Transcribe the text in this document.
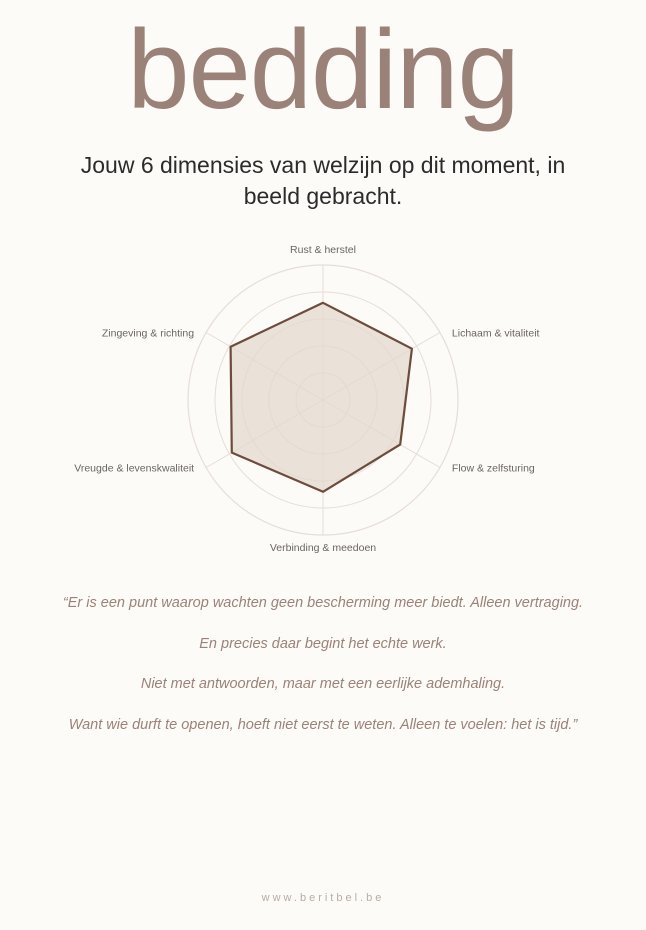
bedding
Jouw 6 dimensies van welzijn op dit moment, in beeld gebracht.
Rust & herstel
Lichaam & vitaliteit
Flow & zelfsturing
Verbinding & meedoen
Vreugde & levenskwaliteit
Zingeving & richting

“Er is een punt waarop wachten geen bescherming meer biedt. Alleen vertraging.

En precies daar begint het echte werk.

Niet met antwoorden, maar met een eerlijke ademhaling.

Want wie durft te openen, hoeft niet eerst te weten. Alleen te voelen: het is tijd.”

www.beritbel.be
